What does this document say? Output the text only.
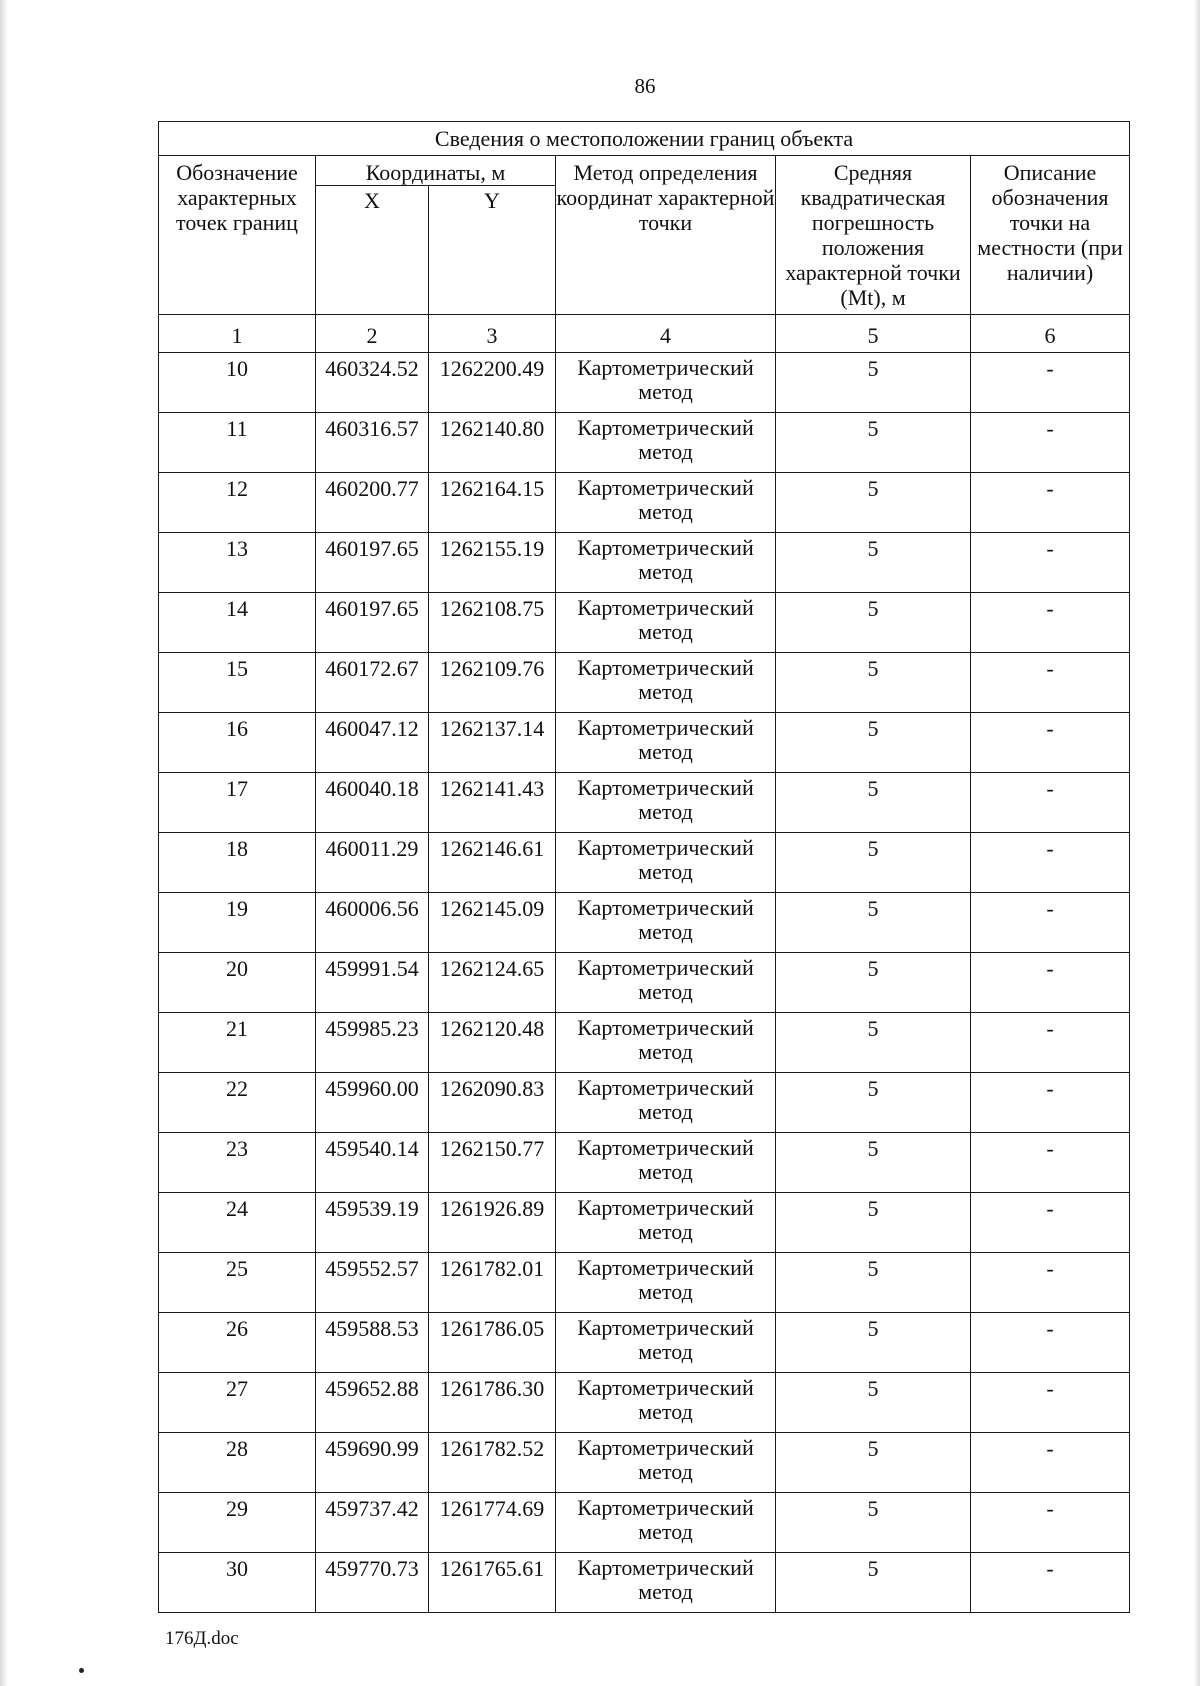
86
Сведения о местоположении границ объекта					
Обозначение характерных точек границ	Координаты, м		Метод определения координат характерной точки	Средняя квадратическая погрешность положения характерной точки (Mt), м	Описание обозначения точки на местности (при наличии)
	X	Y			
1	2	3	4	5	6
10	460324.52	1262200.49	Картометрический метод	5	-
11	460316.57	1262140.80	Картометрический метод	5	-
12	460200.77	1262164.15	Картометрический метод	5	-
13	460197.65	1262155.19	Картометрический метод	5	-
14	460197.65	1262108.75	Картометрический метод	5	-
15	460172.67	1262109.76	Картометрический метод	5	-
16	460047.12	1262137.14	Картометрический метод	5	-
17	460040.18	1262141.43	Картометрический метод	5	-
18	460011.29	1262146.61	Картометрический метод	5	-
19	460006.56	1262145.09	Картометрический метод	5	-
20	459991.54	1262124.65	Картометрический метод	5	-
21	459985.23	1262120.48	Картометрический метод	5	-
22	459960.00	1262090.83	Картометрический метод	5	-
23	459540.14	1262150.77	Картометрический метод	5	-
24	459539.19	1261926.89	Картометрический метод	5	-
25	459552.57	1261782.01	Картометрический метод	5	-
26	459588.53	1261786.05	Картометрический метод	5	-
27	459652.88	1261786.30	Картометрический метод	5	-
28	459690.99	1261782.52	Картометрический метод	5	-
29	459737.42	1261774.69	Картометрический метод	5	-
30	459770.73	1261765.61	Картометрический метод	5	-
176Д.doc
